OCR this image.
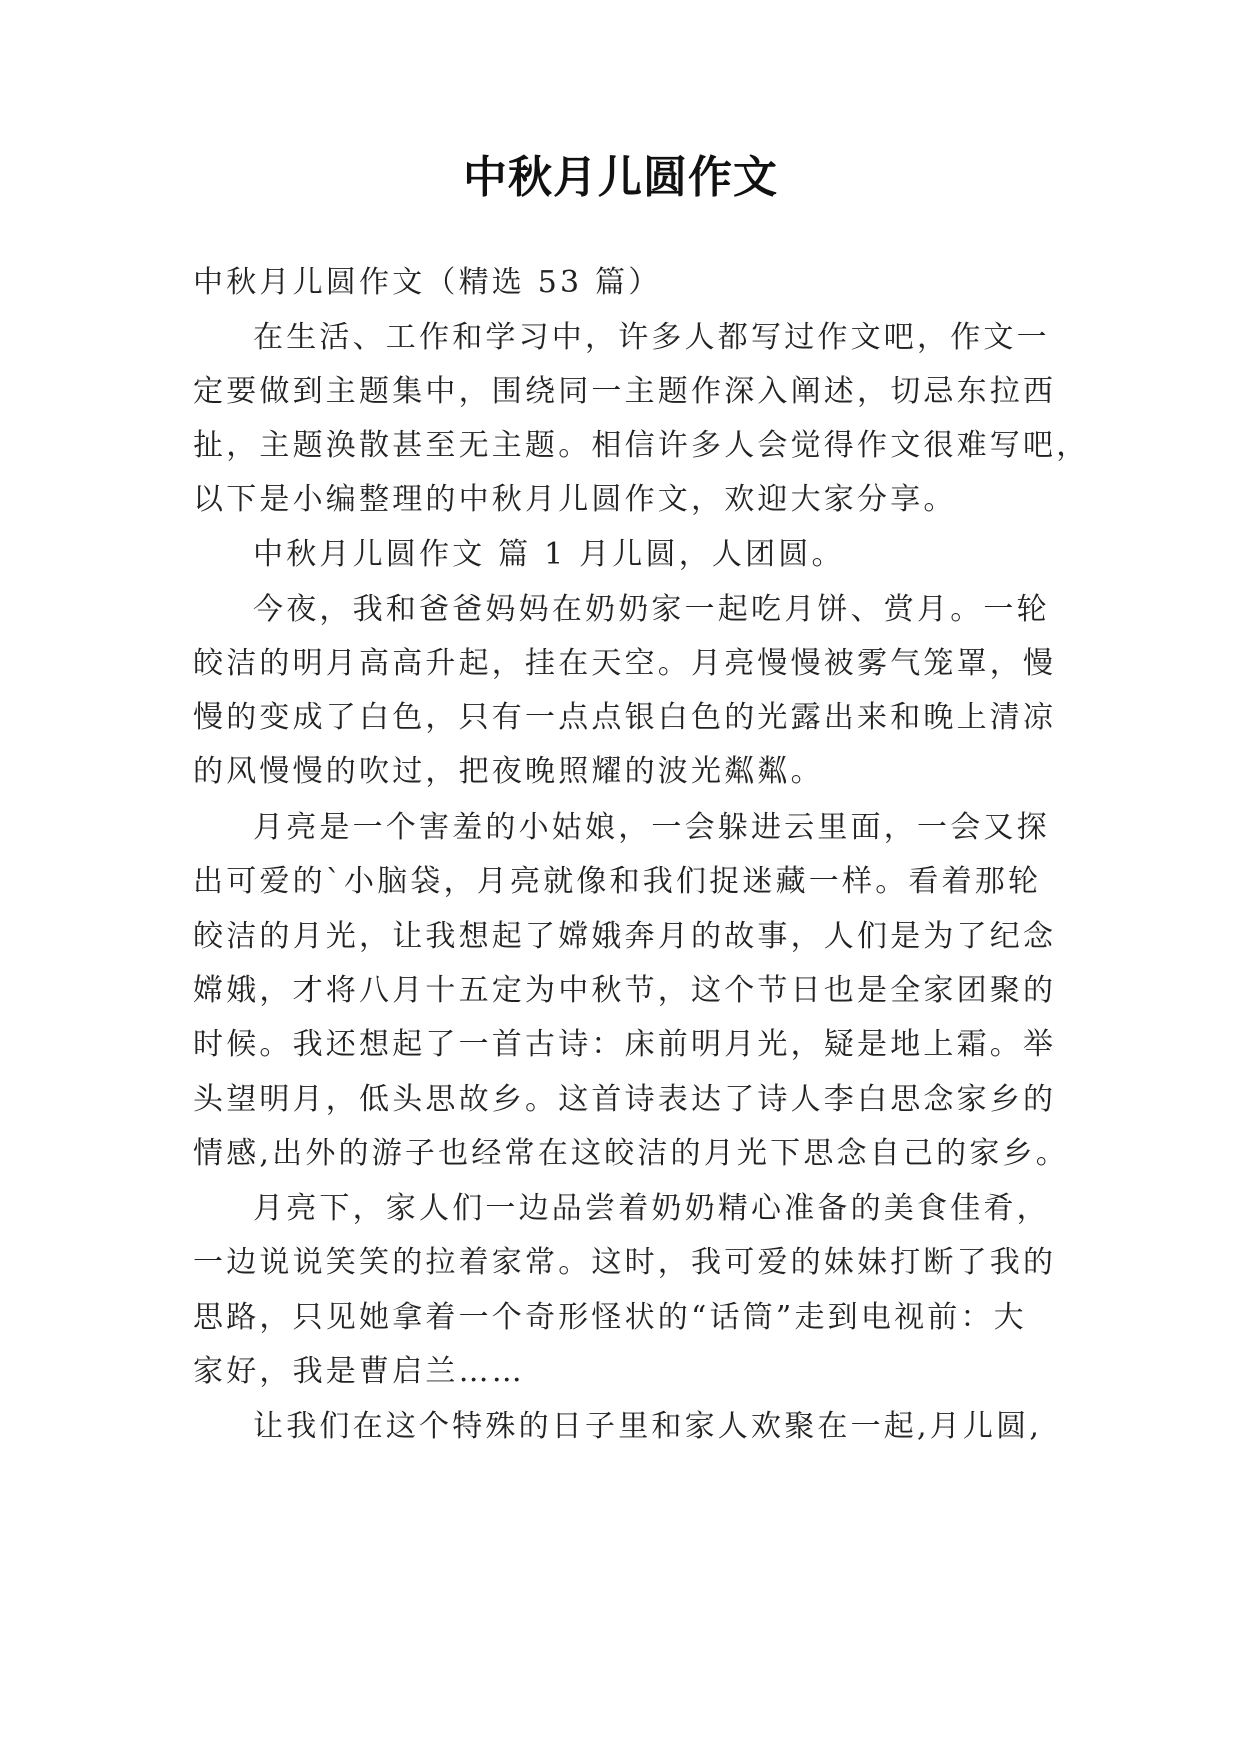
中秋月儿圆作文
中秋月儿圆作文（精选 53 篇）
在生活、工作和学习中，许多人都写过作文吧，作文一
定要做到主题集中，围绕同一主题作深入阐述，切忌东拉西
扯，主题涣散甚至无主题。相信许多人会觉得作文很难写吧，
以下是小编整理的中秋月儿圆作文，欢迎大家分享。
中秋月儿圆作文 篇 1 月儿圆，人团圆。
今夜，我和爸爸妈妈在奶奶家一起吃月饼、赏月。一轮
皎洁的明月高高升起，挂在天空。月亮慢慢被雾气笼罩，慢
慢的变成了白色，只有一点点银白色的光露出来和晚上清凉
的风慢慢的吹过，把夜晚照耀的波光粼粼。
月亮是一个害羞的小姑娘，一会躲进云里面，一会又探
出可爱的`小脑袋，月亮就像和我们捉迷藏一样。看着那轮
皎洁的月光，让我想起了嫦娥奔月的故事，人们是为了纪念
嫦娥，才将八月十五定为中秋节，这个节日也是全家团聚的
时候。我还想起了一首古诗：床前明月光，疑是地上霜。举
头望明月，低头思故乡。这首诗表达了诗人李白思念家乡的
情感,出外的游子也经常在这皎洁的月光下思念自己的家乡。
月亮下，家人们一边品尝着奶奶精心准备的美食佳肴，
一边说说笑笑的拉着家常。这时，我可爱的妹妹打断了我的
思路，只见她拿着一个奇形怪状的“话筒”走到电视前：大
家好，我是曹启兰……
让我们在这个特殊的日子里和家人欢聚在一起,月儿圆,
